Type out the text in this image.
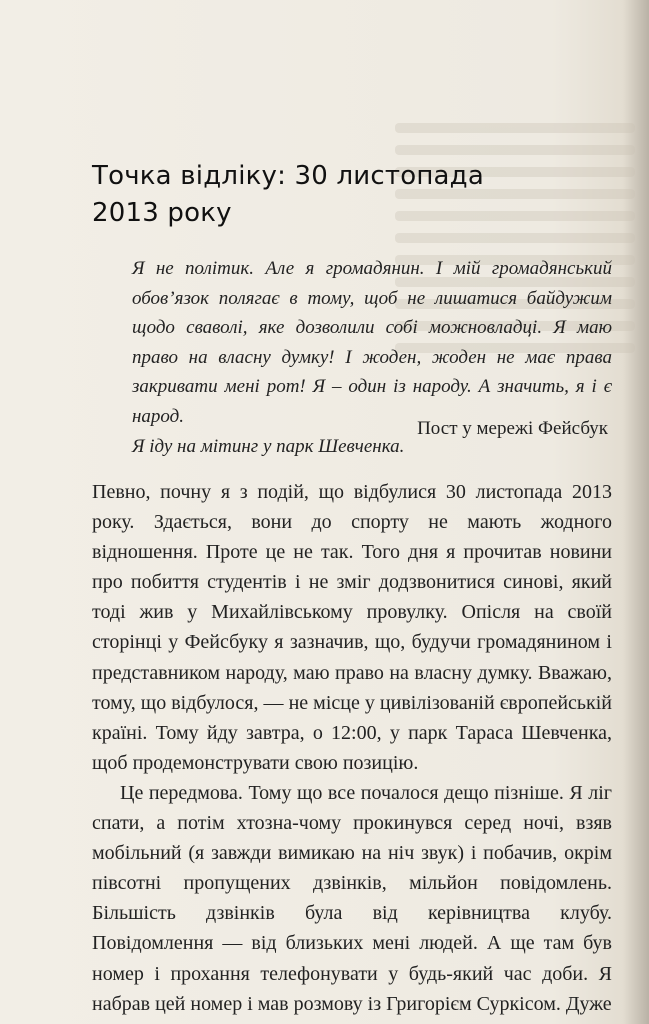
Точка відліку: 30 листопада 2013 року

Я не політик. Але я громадянин. І мій громадянський обов’язок полягає в тому, щоб не лишатися байдужим щодо сваволі, яке дозволили собі можновладці. Я маю право на власну думку! І жоден, жоден не має права закривати мені рот! Я – один із народу. А значить, я і є народ.

Я іду на мітинг у парк Шевченка.

Пост у мережі Фейсбук

Певно, почну я з подій, що відбулися 30 листопада 2013 року. Здається, вони до спорту не мають жодного відношення. Проте це не так. Того дня я прочитав новини про побиття студентів і не зміг додзвонитися синові, який тоді жив у Михайлівському провулку. Опісля на своїй сторінці у Фейсбуку я зазначив, що, будучи громадянином і представником народу, маю право на власну думку. Вважаю, тому, що відбулося, — не місце у цивілізованій європейській країні. Тому йду завтра, о 12:00, у парк Тараса Шевченка, щоб продемонструвати свою позицію.

Це передмова. Тому що все почалося дещо пізніше. Я ліг спати, а потім хтозна-чому прокинувся серед ночі, взяв мобільний (я завжди вимикаю на ніч звук) і побачив, окрім півсотні пропущених дзвінків, мільйон повідомлень. Більшість дзвінків була від керівництва клубу. Повідомлення — від близьких мені людей. А ще там був номер і прохання телефонувати у будь-який час доби. Я набрав цей номер і мав розмову із Григорієм Суркісом. Дуже
